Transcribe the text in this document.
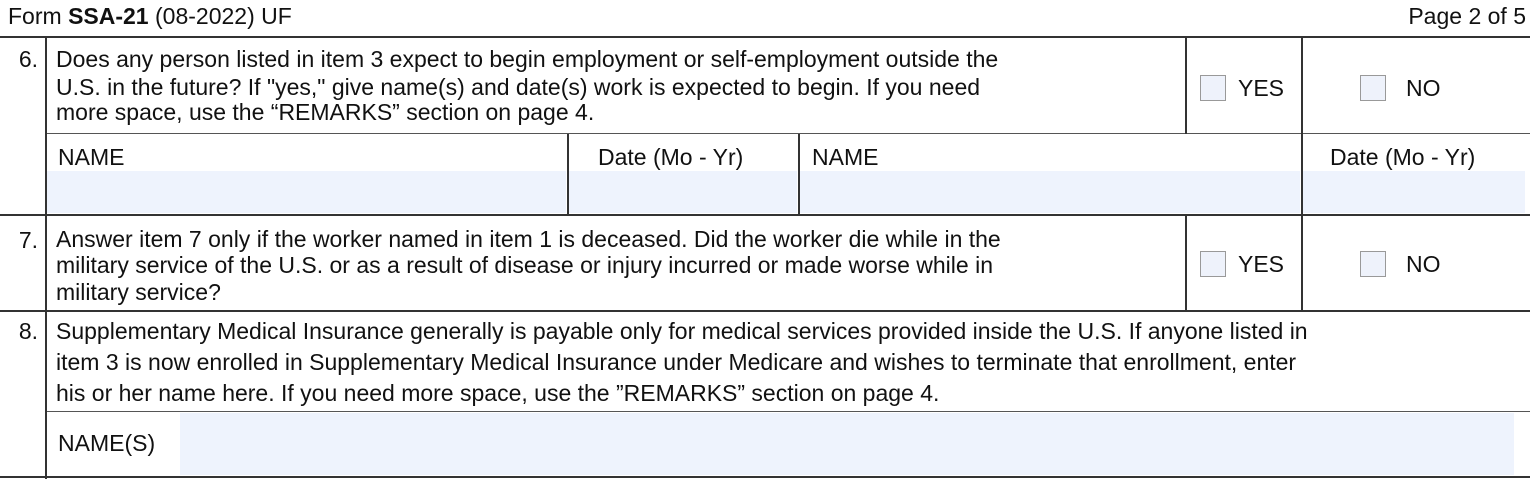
Form SSA-21 (08-2022) UF	Page 2 of 5
6. Does any person listed in item 3 expect to begin employment or self-employment outside the
U.S. in the future? If "yes," give name(s) and date(s) work is expected to begin. If you need
more space, use the “REMARKS” section on page 4.
YES	NO
NAME	Date (Mo - Yr)	NAME	Date (Mo - Yr)
7. Answer item 7 only if the worker named in item 1 is deceased. Did the worker die while in the
military service of the U.S. or as a result of disease or injury incurred or made worse while in
military service?
YES	NO
8. Supplementary Medical Insurance generally is payable only for medical services provided inside the U.S. If anyone listed in
item 3 is now enrolled in Supplementary Medical Insurance under Medicare and wishes to terminate that enrollment, enter
his or her name here. If you need more space, use the ”REMARKS” section on page 4.
NAME(S)
